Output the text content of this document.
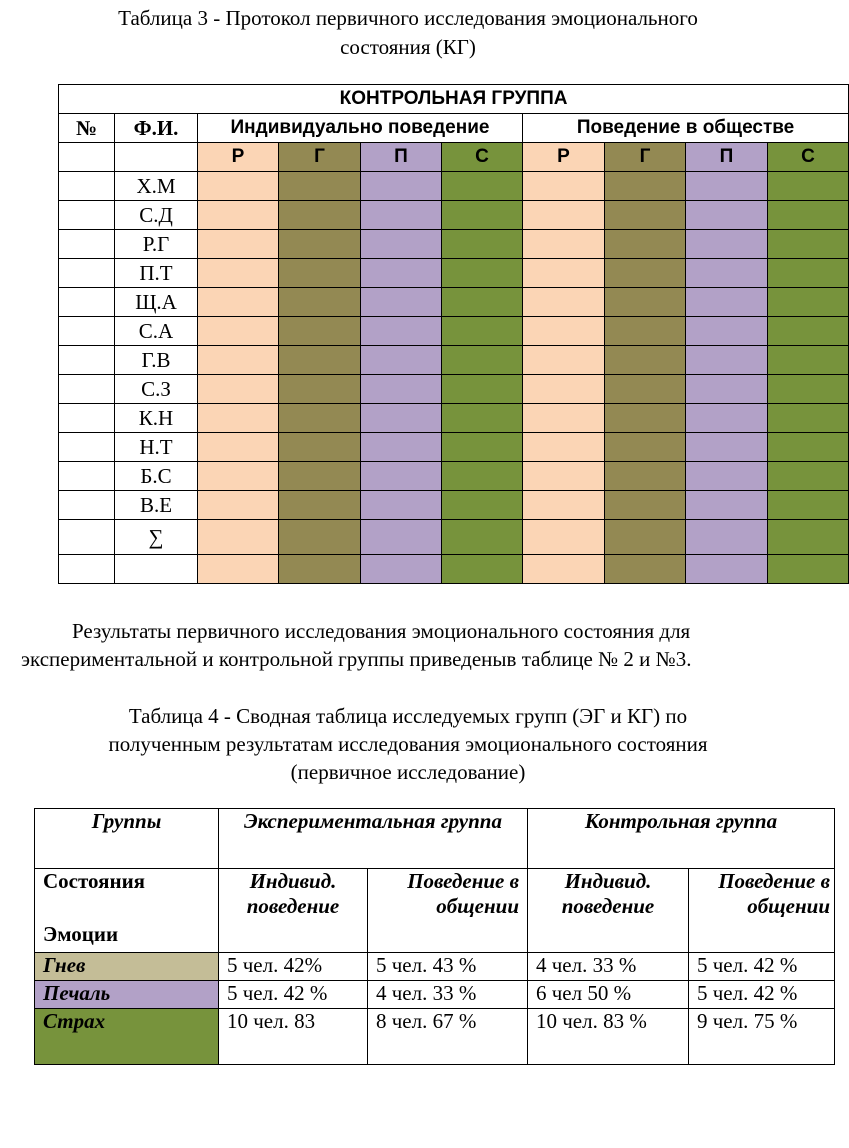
Таблица 3 - Протокол первичного исследования эмоционального
состояния (КГ)
КОНТРОЛЬНАЯ ГРУППА									
№	Ф.И.	Индивидуально поведение				Поведение в обществе			
		Р	Г	П	С	Р	Г	П	С
	Х.М								
	С.Д								
	Р.Г								
	П.Т								
	Щ.А								
	С.А								
	Г.В								
	С.З								
	К.Н								
	Н.Т								
	Б.С								
	В.Е								
	∑								

Результаты первичного исследования эмоционального состояния для
экспериментальной и контрольной группы приведеныв таблице № 2 и №3.
Таблица 4 - Сводная таблица исследуемых групп (ЭГ и КГ) по
полученным результатам исследования эмоционального состояния
(первичное исследование)
Группы	Экспериментальная группа		Контрольная группа	

Состояния
Эмоции	Индивид. поведение	Поведение в общении	Индивид. поведение	Поведение в общении
Гнев	5 чел. 42%	5 чел. 43 %	4 чел. 33 %	5 чел. 42 %
Печаль	5 чел. 42 %	4 чел. 33 %	6 чел 50 %	5 чел. 42 %
Страх	10 чел. 83	8 чел. 67 %	10 чел. 83 %	9 чел. 75 %
